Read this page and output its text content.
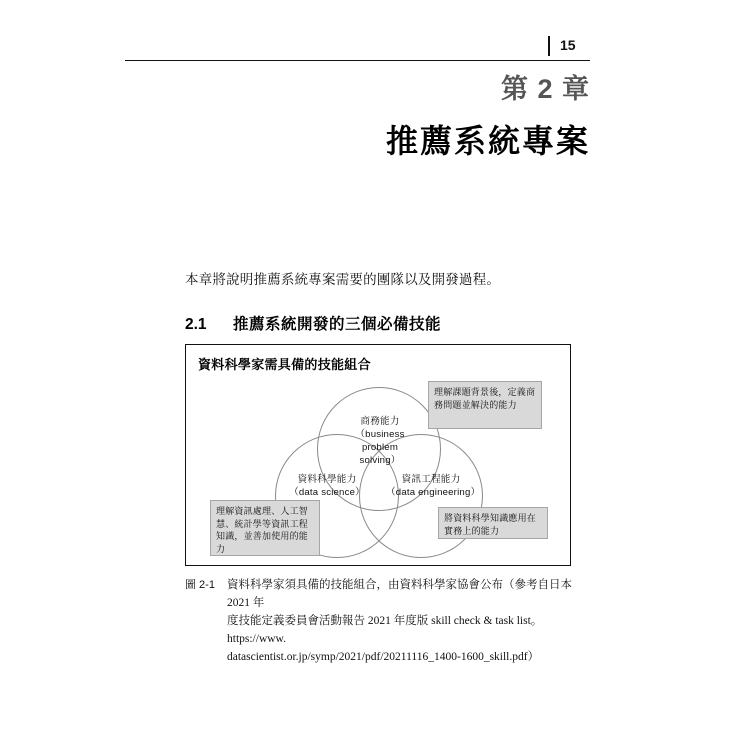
15
第 2 章
推薦系統專案
本章將說明推薦系統專案需要的團隊以及開發過程。
2.1	推薦系統開發的三個必備技能
資料科學家需具備的技能組合
商務能力
（business problem
solving）
資料科學能力
（data science）
資訊工程能力
（data engineering）
理解課題背景後，定義商務問題並解決的能力
理解資訊處理、人工智慧、統計學等資訊工程知識，並善加使用的能力
將資料科學知識應用在實務上的能力
圖 2-1	資料科學家須具備的技能組合，由資料科學家協會公布（參考自日本 2021 年
度技能定義委員會活動報告 2021 年度版 skill check & task list。https://www.
datascientist.or.jp/symp/2021/pdf/20211116_1400-1600_skill.pdf）
